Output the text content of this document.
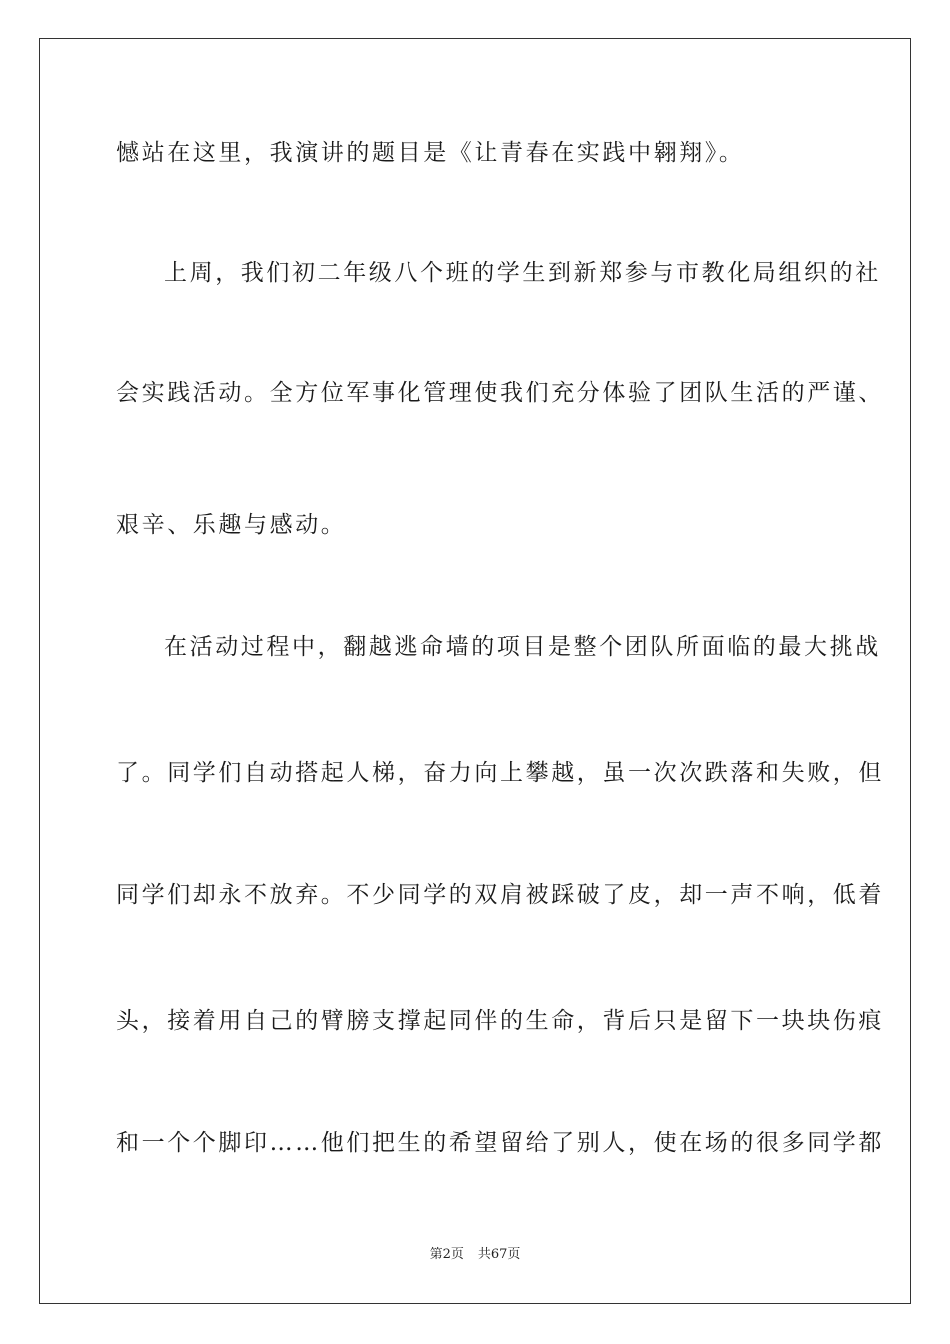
憾站在这里，我演讲的题目是《让青春在实践中翱翔》。
上周，我们初二年级八个班的学生到新郑参与市教化局组织的社
会实践活动。全方位军事化管理使我们充分体验了团队生活的严谨、
艰辛、乐趣与感动。
在活动过程中，翻越逃命墙的项目是整个团队所面临的最大挑战
了。同学们自动搭起人梯，奋力向上攀越，虽一次次跌落和失败，但
同学们却永不放弃。不少同学的双肩被踩破了皮，却一声不响，低着
头，接着用自己的臂膀支撑起同伴的生命，背后只是留下一块块伤痕
和一个个脚印……他们把生的希望留给了别人，使在场的很多同学都
第2页 共67页
